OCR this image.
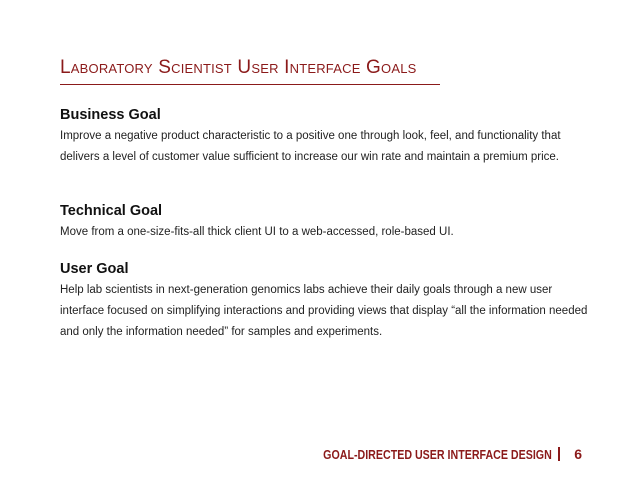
Laboratory Scientist User Interface Goals
Business Goal

Improve a negative product characteristic to a positive one through look, feel, and functionality that delivers a level of customer value sufficient to increase our win rate and maintain a premium price.

Technical Goal

Move from a one-size-fits-all thick client UI to a web-accessed, role-based UI.

User Goal

Help lab scientists in next-generation genomics labs achieve their daily goals through a new user interface focused on simplifying interactions and providing views that display “all the information needed and only the information needed” for samples and experiments.

GOAL-DIRECTED USER INTERFACE DESIGN 6
